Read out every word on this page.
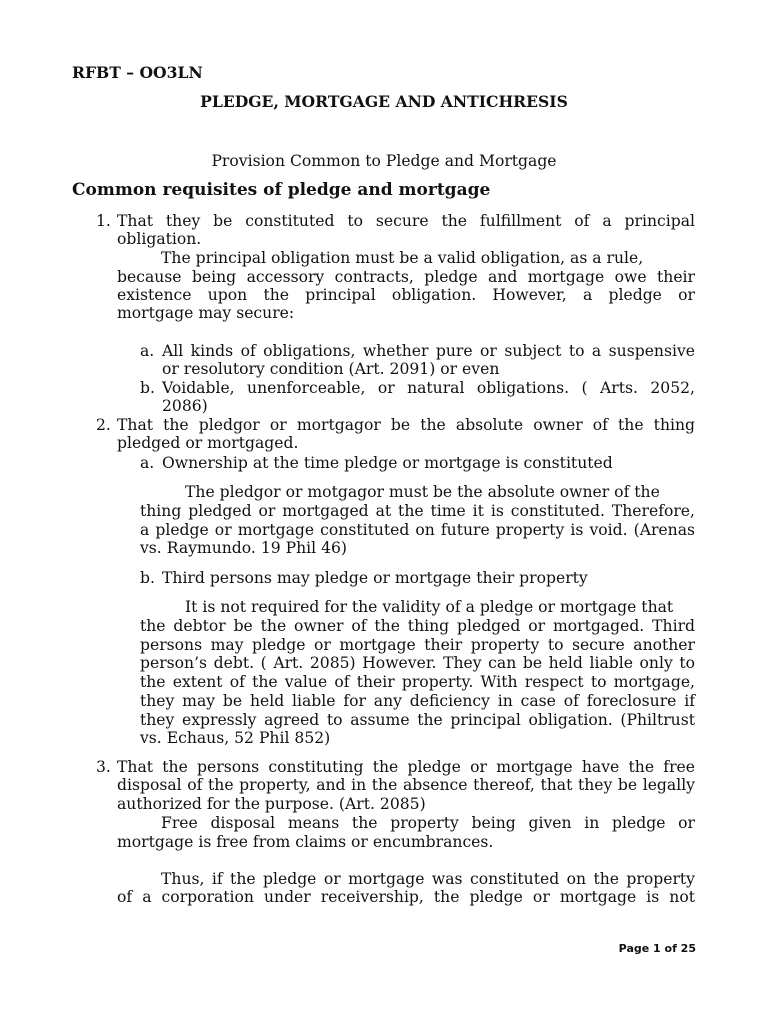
RFBT – OO3LN
PLEDGE, MORTGAGE AND ANTICHRESIS
Provision Common to Pledge and Mortgage
Common requisites of pledge and mortgage
1. That they be constituted to secure the fulfillment of a principal
obligation.
The principal obligation must be a valid obligation, as a rule,
because being accessory contracts, pledge and mortgage owe their
existence upon the principal obligation. However, a pledge or
mortgage may secure:
a. All kinds of obligations, whether pure or subject to a suspensive
or resolutory condition (Art. 2091) or even
b. Voidable, unenforceable, or natural obligations. ( Arts. 2052,
2086)
2. That the pledgor or mortgagor be the absolute owner of the thing
pledged or mortgaged.
a. Ownership at the time pledge or mortgage is constituted
The pledgor or motgagor must be the absolute owner of the
thing pledged or mortgaged at the time it is constituted. Therefore,
a pledge or mortgage constituted on future property is void. (Arenas
vs. Raymundo. 19 Phil 46)
b. Third persons may pledge or mortgage their property
It is not required for the validity of a pledge or mortgage that
the debtor be the owner of the thing pledged or mortgaged. Third
persons may pledge or mortgage their property to secure another
person’s debt. ( Art. 2085) However. They can be held liable only to
the extent of the value of their property. With respect to mortgage,
they may be held liable for any deficiency in case of foreclosure if
they expressly agreed to assume the principal obligation. (Philtrust
vs. Echaus, 52 Phil 852)
3. That the persons constituting the pledge or mortgage have the free
disposal of the property, and in the absence thereof, that they be legally
authorized for the purpose. (Art. 2085)
Free disposal means the property being given in pledge or
mortgage is free from claims or encumbrances.
Thus, if the pledge or mortgage was constituted on the property
of a corporation under receivership, the pledge or mortgage is not
Page 1 of 25
